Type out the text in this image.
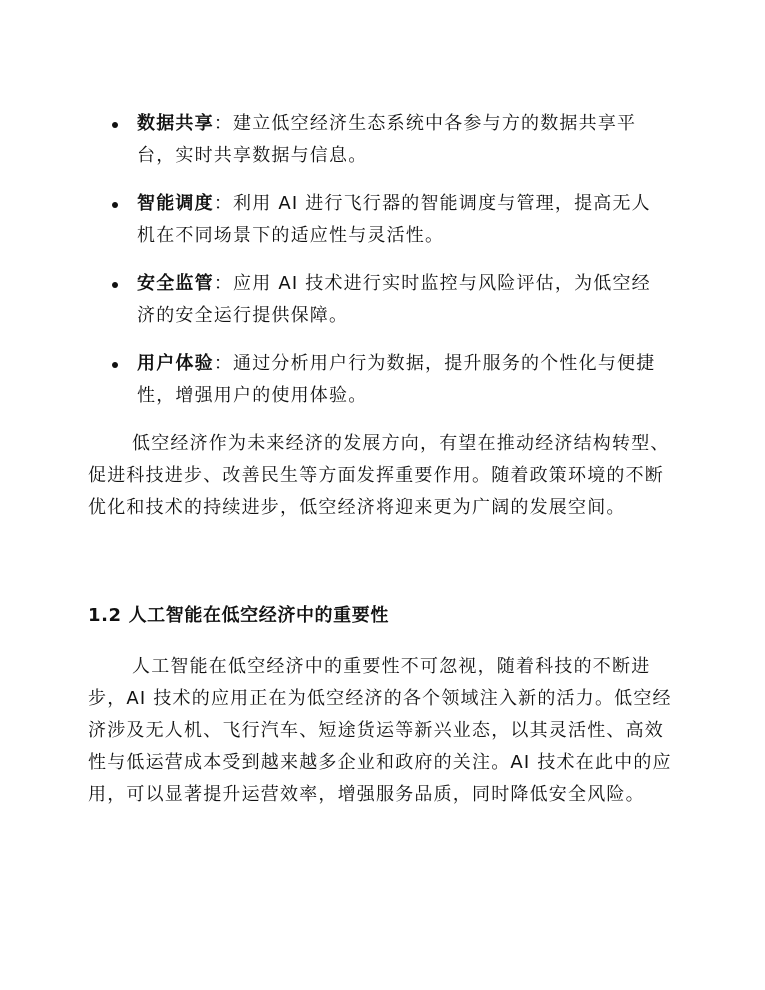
数据共享：建立低空经济生态系统中各参与方的数据共享平台，实时共享数据与信息。
智能调度：利用 AI 进行飞行器的智能调度与管理，提高无人机在不同场景下的适应性与灵活性。
安全监管：应用 AI 技术进行实时监控与风险评估，为低空经济的安全运行提供保障。
用户体验：通过分析用户行为数据，提升服务的个性化与便捷性，增强用户的使用体验。

低空经济作为未来经济的发展方向，有望在推动经济结构转型、促进科技进步、改善民生等方面发挥重要作用。随着政策环境的不断优化和技术的持续进步，低空经济将迎来更为广阔的发展空间。

1.2 人工智能在低空经济中的重要性

人工智能在低空经济中的重要性不可忽视，随着科技的不断进步，AI 技术的应用正在为低空经济的各个领域注入新的活力。低空经济涉及无人机、飞行汽车、短途货运等新兴业态，以其灵活性、高效性与低运营成本受到越来越多企业和政府的关注。AI 技术在此中的应用，可以显著提升运营效率，增强服务品质，同时降低安全风险。
